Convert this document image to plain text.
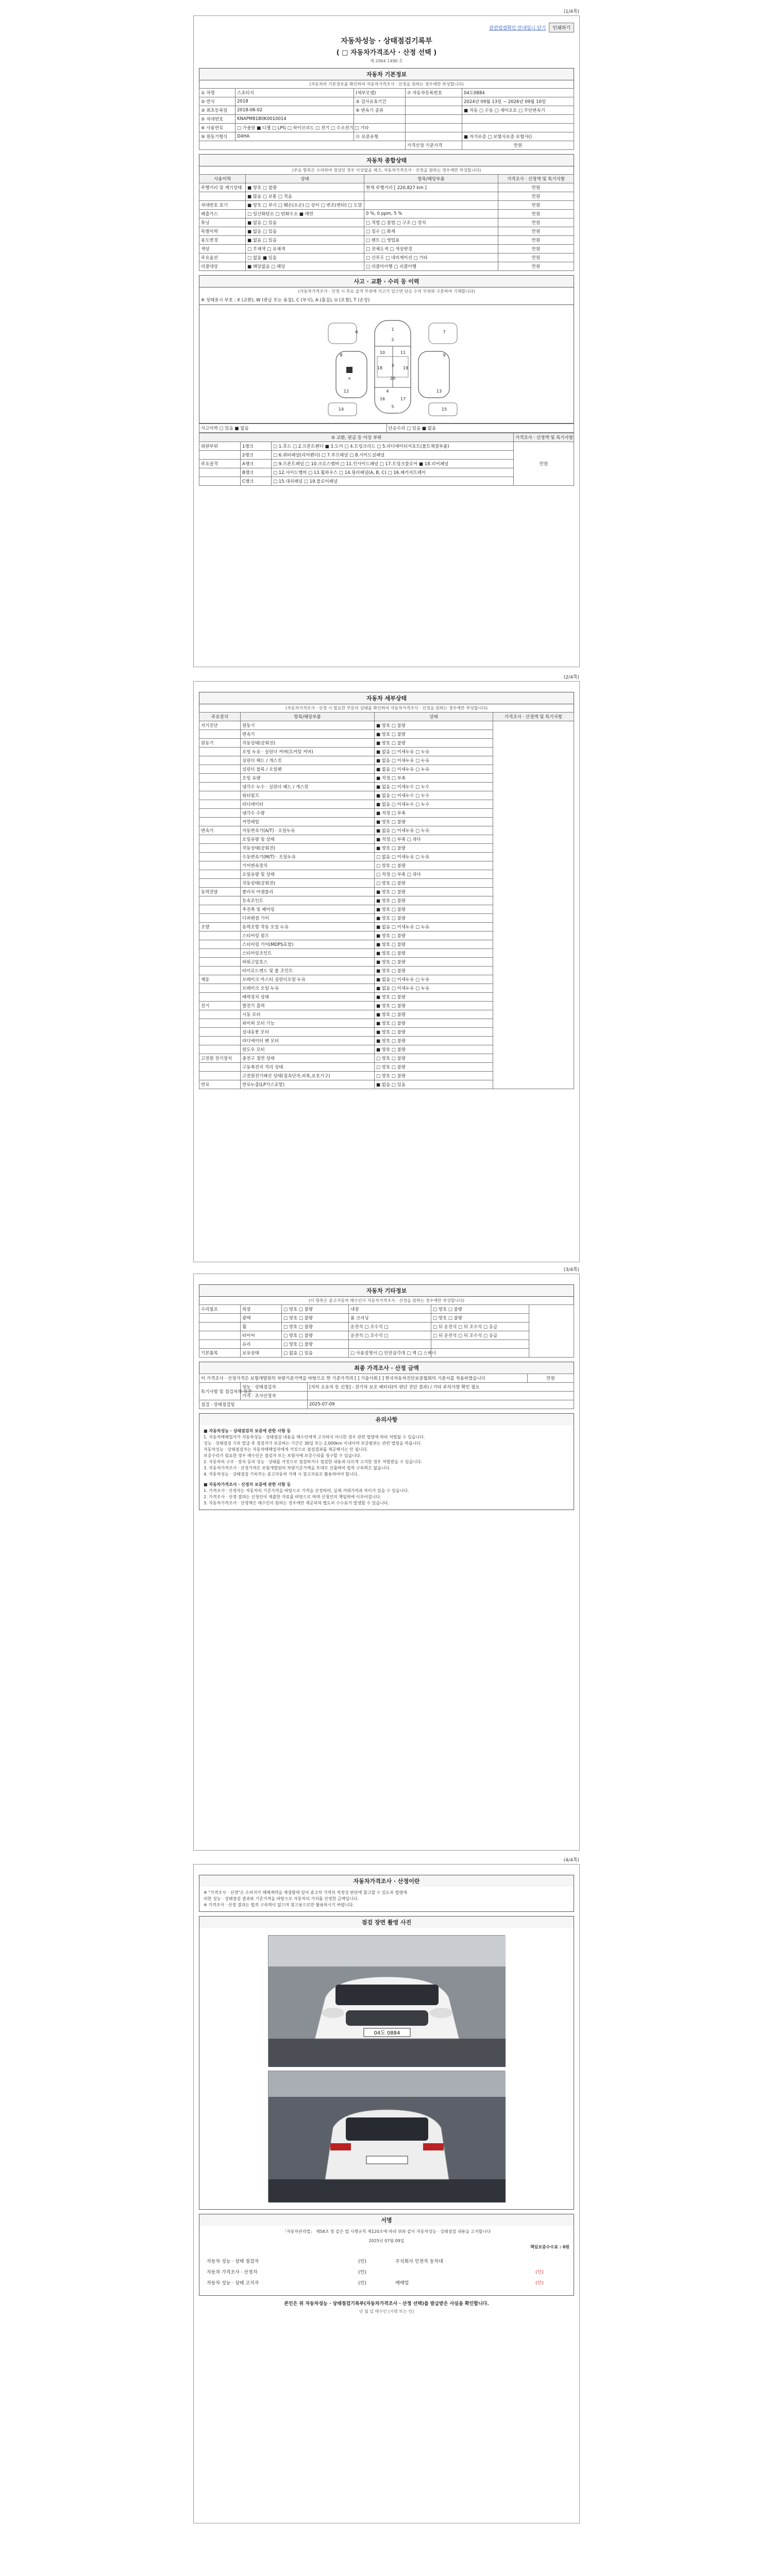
(1/4쪽)
관련법령확인 안내입니 닫기	인쇄하기
자동차성능 · 상태점검기록부
( □ 자동차가격조사 · 산정 선택 )
제 2064 1490 호
자동차 기본정보
(자동차의 기본정보를 확인하여 자동차가격조사 · 산정을 원하는 경우에만 작성합니다)
① 차명	스포티지	(세부모델)	⑦ 자동차등록번호	04도0884
② 연식	2018	③ 검사유효기간		2024년 09월 13일 ~ 2026년 09월 10일
③ 최초등록일	2018-06-02	⑨ 변속기 종류		■ 자동 □ 수동 □ 세미오토 □ 무단변속기
⑤ 차대번호	KNAPM81B0K0010014			
⑥ 사용연료	□ 가솔린 ■ 디젤 □ LPG □ 하이브리드 □ 전기 □ 수소전기 □ 기타			
⑩ 원동기형식	D4HA	⑪ 보증유형		■ 자가보증 □ 보험사보증 보험사()
			가격산정 기준가격	만원
자동차 종합상태
(주요 항목은 수리하여 정상인 경우 이상없음 체크, 자동차가격조사 · 산정을 원하는 경우에만 작성합니다)
사용이력	상태	항목/해당부품	가격조사 · 산정액 및 특기사항
주행거리 및 계기상태	■ 양호 □ 불량	현재 주행거리 [ 220,827 km ]	만원
	■ 많음 □ 보통 □ 적음		만원
차대번호 표기	■ 양호 □ 부식 □ 훼손(오손) □ 상이 □ 변조(변타) □ 도말		만원
배출가스	□ 일산화탄소 □ 탄화수소 ■ 매연	0 %, 0 ppm, 5 %	만원
튜닝	■ 없음 □ 있음	□ 적법 □ 불법 □ 구조 □ 장치	만원
특별이력	■ 없음 □ 있음	□ 침수 □ 화재	만원
용도변경	■ 없음 □ 있음	□ 렌트 □ 영업용	만원
색상	□ 무채색 □ 유채색	□ 전체도색 □ 색상변경	만원
주요옵션	□ 없음 ■ 있음	□ 선루프 □ 네비게이션 □ 기타	만원
리콜대상	■ 해당없음 □ 해당	□ 리콜미이행 □ 리콜이행	만원
사고 · 교환 · 수리 등 이력
(자동차가격조사 · 산정 시 주요 골격 부위에 사고가 있으면 단순 수리 부위와 구분하여 기재합니다)
※ 상태표시 부호 : X (교환), W (판금 또는 용접), C (부식), A (흠집), U (요철), T (손상)
X
1
2
3
4
5
6	7
8	9
10	11
12	13
14	15
16	17
18	19
20
사고이력 □ 있음 ■ 없음	단순수리 □ 있음 ■ 없음
⑤ 교환, 판금 등 이상 부위			가격조사 · 산정액 및 특기사항
외판부위	1랭크	□ 1.후드 □ 2.프론트펜더 ■ 3.도어 □ 4.트렁크리드 □ 5.라디에이터서포트(볼트체결부품)	만원
	2랭크	□ 6.쿼터패널(리어펜더) □ 7.루프패널 □ 8.사이드실패널	
주요골격	A랭크	□ 9.프론트패널 □ 10.크로스멤버 □ 11.인사이드패널 □ 17.트렁크플로어 ■ 18.리어패널	
	B랭크	□ 12.사이드멤버 □ 13.휠하우스 □ 14.필러패널(A, B, C) □ 16.패키지트레이	
	C랭크	□ 15.대쉬패널 □ 19.플로어패널	
(2/4쪽)
자동차 세부상태
(자동차가격조사 · 산정 시 필요한 부분의 상태를 확인하여 자동차가격조사 · 산정을 원하는 경우에만 작성합니다)
주요장치	항목/해당부품	상태	가격조사 · 산정액 및 특기사항
자기진단	원동기	■ 양호 □ 불량	
	변속기	■ 양호 □ 불량	
원동기	작동상태(공회전)	■ 양호 □ 불량	
	오일 누유 · 실린더 커버(로커암 커버)	■ 없음 □ 미세누유 □ 누유	
	실린더 헤드 / 개스킷	■ 없음 □ 미세누유 □ 누유	
	실린더 블록 / 오일팬	■ 없음 □ 미세누유 □ 누유	
	오일 유량	■ 적정 □ 부족	
	냉각수 누수 · 실린더 헤드 / 개스킷	■ 없음 □ 미세누수 □ 누수	
	워터펌프	■ 없음 □ 미세누수 □ 누수	
	라디에이터	■ 없음 □ 미세누수 □ 누수	
	냉각수 수량	■ 적정 □ 부족	
	커먼레일	■ 양호 □ 불량	
변속기	자동변속기(A/T) · 오일누유	■ 없음 □ 미세누유 □ 누유	
	오일유량 및 상태	■ 적정 □ 부족 □ 과다	
	작동상태(공회전)	■ 양호 □ 불량	
	수동변속기(M/T) · 오일누유	□ 없음 □ 미세누유 □ 누유	
	기어변속장치	□ 양호 □ 불량	
	오일유량 및 상태	□ 적정 □ 부족 □ 과다	
	작동상태(공회전)	□ 양호 □ 불량	
동력전달	클러치 어셈블리	■ 양호 □ 불량	
	등속조인트	■ 양호 □ 불량	
	추진축 및 베어링	■ 양호 □ 불량	
	디퍼렌셜 기어	■ 양호 □ 불량	
조향	동력조향 작동 오일 누유	■ 없음 □ 미세누유 □ 누유	
	스티어링 펌프	■ 양호 □ 불량	
	스티어링 기어(MDPS포함)	■ 양호 □ 불량	
	스티어링조인트	■ 양호 □ 불량	
	파워고압호스	■ 양호 □ 불량	
	타이로드엔드 및 볼 조인트	■ 양호 □ 불량	
제동	브레이크 마스터 실린더오일 누유	■ 없음 □ 미세누유 □ 누유	
	브레이크 오일 누유	■ 없음 □ 미세누유 □ 누유	
	배력장치 상태	■ 양호 □ 불량	
전기	발전기 출력	■ 양호 □ 불량	
	시동 모터	■ 양호 □ 불량	
	와이퍼 모터 기능	■ 양호 □ 불량	
	실내송풍 모터	■ 양호 □ 불량	
	라디에이터 팬 모터	■ 양호 □ 불량	
	윈도우 모터	■ 양호 □ 불량	
고전원 전기장치	충전구 절연 상태	□ 양호 □ 불량	
	구동축전지 격리 상태	□ 양호 □ 불량	
	고전원전기배선 상태(접속단자,피복,보호기구)	□ 양호 □ 불량	
연료	연료누출(LP가스포함)	■ 없음 □ 있음	
(3/4쪽)
자동차 기타정보
(이 항목은 중고자동차 매수인이 자동차가격조사 · 산정을 원하는 경우에만 작성합니다)
수리필요	외장	□ 양호 □ 불량	내장	□ 양호 □ 불량	
	광택	□ 양호 □ 불량	룸 크리닝	□ 양호 □ 불량	
	휠	□ 양호 □ 불량	운전석 □ 조수석 □	□ 뒤 운전석 □ 뒤 조수석 □ 응급	
	타이어	□ 양호 □ 불량	운전석 □ 조수석 □	□ 뒤 운전석 □ 뒤 조수석 □ 응급	
	유리	□ 양호 □ 불량			
기본품목	보유상태	□ 없음 □ 있음	□ 사용설명서 □ 안전삼각대 □ 잭 □ 스패너		
최종 가격조사 · 산정 금액
이 가격조사 · 산정가격은 보험개발원의 차량기준가액을 바탕으로 한 기준가격과 [ ] 기술사회 [ ] 한국자동차진단보증협회의 기준서를 적용하였습니다			만원
특기사항 및 점검자의 의견	성능 · 상태점검자	[자의 소유자 등 신청] - 전기차 보조 배터리(미 판단 진단 결과) / 기타 주의사항 확인 필요	
	가격 · 조사산정자		
점검 · 상태점검일		2025-07-09	
유의사항

■ 자동차성능 · 상태점검자 보증에 관한 사항 등

1. 자동차매매업자가 자동차성능 · 상태점검 내용을 매수인에게 고지하지 아니한 경우 관련 법령에 따라 처벌될 수 있습니다.

성능 · 상태점검 기록 발급 후 점검자가 보증하는 기간은 30일 또는 2,000km 이내이며 보증범위는 관련 법령을 따릅니다.

자동차성능 · 상태점검자는 자동차매매업자에게 거짓으로 점검결과를 제공해서는 안 됩니다.

보증수리가 필요한 경우 매수인은 점검자 또는 보험사에 보증수리를 청구할 수 있습니다.

2. 자동차의 구조 · 장치 등의 성능 · 상태를 거짓으로 점검하거나 점검한 내용과 다르게 고지한 경우 처벌받을 수 있습니다.

3. 자동차가격조사 · 산정가격은 보험개발원의 차량기준가액을 토대로 산출하며 법적 구속력은 없습니다.

4. 자동차성능 · 상태점검 기록부는 중고자동차 거래 시 참고자료로 활용하여야 합니다.

■ 자동차가격조사 · 산정자 보증에 관한 사항 등

1. 가격조사 · 산정자는 자동차의 기준가격을 바탕으로 가격을 산정하며, 실제 거래가격과 차이가 있을 수 있습니다.

2. 가격조사 · 산정 결과는 신청인이 제출한 자료를 바탕으로 하며 신청인의 책임하에 이루어집니다.

3. 자동차가격조사 · 산정액은 매수인이 원하는 경우에만 제공되며 별도의 수수료가 발생할 수 있습니다.

(4/4쪽)
자동차가격조사 · 산정이란

※ "가격조사 · 산정"은 소비자가 매매계약을 체결함에 있어 중고차 가격의 적정성 판단에 참고할 수 있도록 법령에

의한 성능 · 상태점검 결과와 기준가격을 바탕으로 자동차의 가치를 산정한 금액입니다.

※ 가격조사 · 산정 결과는 법적 구속력이 없으며 참고용으로만 활용하시기 바랍니다.

점검 장면 촬영 사진
04도 0884
서명

「자동차관리법」 제58조 및 같은 법 시행규칙 제120조에 따라 위와 같이 자동차성능 · 상태점검 내용을 고지합니다

2025년 07월 09일

책임보증수수료 : 0원

자동차 성능 · 상태 점검자	(인)	주식회사 인천자 동차대	
자동차 가격조사 · 산정자	(인)		(인)
자동차 성능 · 상태 고지자	(인)	매매업	(인)
본인은 위 자동차성능 · 상태점검기록부(자동차가격조사 · 산정 선택)를 발급받은 사실을 확인합니다.
년 월 일 매수인 (서명 또는 인)
